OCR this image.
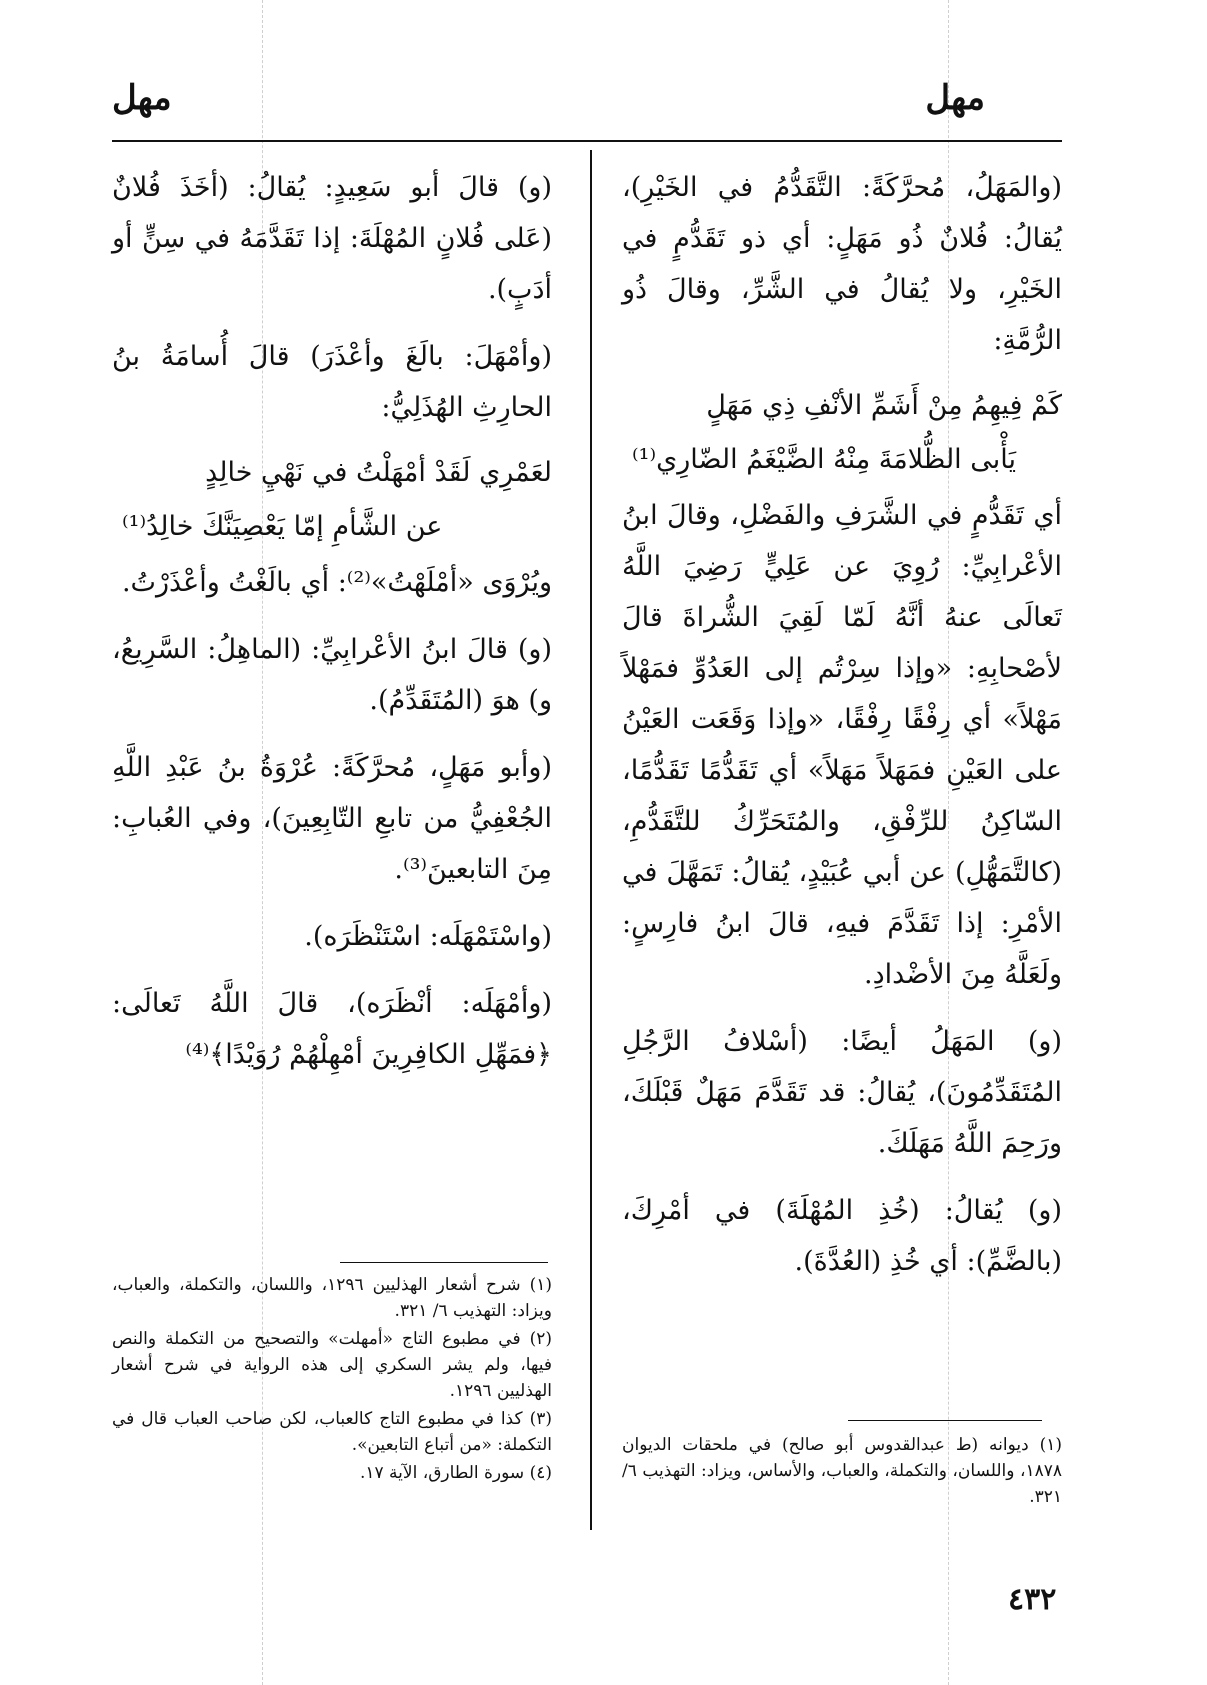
مهل
مهل

(والمَهَلُ، مُحرَّكَةً: التَّقَدُّمُ في الخَيْرِ)، يُقالُ: فُلانٌ ذُو مَهَلٍ: أي ذو تَقَدُّمٍ في الخَيْرِ، ولا يُقالُ في الشَّرِّ، وقالَ ذُو الرُّمَّةِ:

كَمْ فِيهِمُ مِنْ أَشَمِّ الأنْفِ ذِي مَهَلٍ

يَأْبى الظُّلامَةَ مِنْهُ الضَّيْغَمُ الضّارِي⁽¹⁾

أي تَقَدُّمٍ في الشَّرَفِ والفَضْلِ، وقالَ ابنُ الأعْرابِيِّ: رُوِيَ عن عَلِيٍّ رَضِيَ اللَّهُ تَعالَى عنهُ أنَّهُ لَمّا لَقِيَ الشُّراةَ قالَ لأصْحابِهِ: «وإذا سِرْتُم إلى العَدُوِّ فمَهْلاً مَهْلاً» أي رِفْقًا رِفْقًا، «وإذا وَقَعَت العَيْنُ على العَيْنِ فمَهَلاً مَهَلاً» أي تَقَدُّمًا تَقَدُّمًا، السّاكِنُ للرِّفْقِ، والمُتَحَرِّكُ للتَّقَدُّمِ، (كالتَّمَهُّلِ) عن أبي عُبَيْدٍ، يُقالُ: تَمَهَّلَ في الأمْرِ: إذا تَقَدَّمَ فيهِ، قالَ ابنُ فارِسٍ: ولَعَلَّهُ مِنَ الأضْدادِ.

(و) المَهَلُ أيضًا: (أسْلافُ الرَّجُلِ المُتَقَدِّمُونَ)، يُقالُ: قد تَقَدَّمَ مَهَلٌ قَبْلَكَ، ورَحِمَ اللَّهُ مَهَلَكَ.

(و) يُقالُ: (خُذِ المُهْلَةَ) في أمْرِكَ، (بالضَّمِّ): أي خُذِ (العُدَّةَ).

(١) ديوانه (ط عبدالقدوس أبو صالح) في ملحقات الديوان ١٨٧٨، واللسان، والتكملة، والعباب، والأساس، ويزاد: التهذيب ٦/ ٣٢١.

(و) قالَ أبو سَعِيدٍ: يُقالُ: (أخَذَ فُلانٌ (عَلى فُلانٍ المُهْلَةَ: إذا تَقَدَّمَهُ في سِنٍّ أو أدَبٍ).

(وأمْهَلَ: بالَغَ وأعْذَرَ) قالَ أُسامَةُ بنُ الحارِثِ الهُذَلِيُّ:

لعَمْرِي لَقَدْ أمْهَلْتُ في نَهْيِ خالِدٍ

عن الشَّأمِ إمّا يَعْصِيَنَّكَ خالِدُ⁽¹⁾

ويُرْوَى «أمْلَهْتُ»⁽²⁾: أي بالَغْتُ وأعْذَرْتُ.

(و) قالَ ابنُ الأعْرابِيِّ: (الماهِلُ: السَّرِيعُ، و) هوَ (المُتَقَدِّمُ).

(وأبو مَهَلٍ، مُحرَّكَةً: عُرْوَةُ بنُ عَبْدِ اللَّهِ الجُعْفِيُّ من تابعِ التّابِعِينَ)، وفي العُبابِ: مِنَ التابعينَ⁽³⁾.

(واسْتَمْهَلَه: اسْتَنْظَرَه).

(وأمْهَلَه: أنْظَرَه)، قالَ اللَّهُ تَعالَى: ﴿فمَهِّلِ الكافِرِينَ أمْهِلْهُمْ رُوَيْدًا﴾⁽⁴⁾

(١) شرح أشعار الهذليين ١٢٩٦، واللسان، والتكملة، والعباب، ويزاد: التهذيب ٦/ ٣٢١.

(٢) في مطبوع التاج «أمهلت» والتصحيح من التكملة والنص فيها، ولم يشر السكري إلى هذه الرواية في شرح أشعار الهذليين ١٢٩٦.

(٣) كذا في مطبوع التاج كالعباب، لكن صاحب العباب قال في التكملة: «من أتباع التابعين».

(٤) سورة الطارق، الآية ١٧.

٤٣٢
